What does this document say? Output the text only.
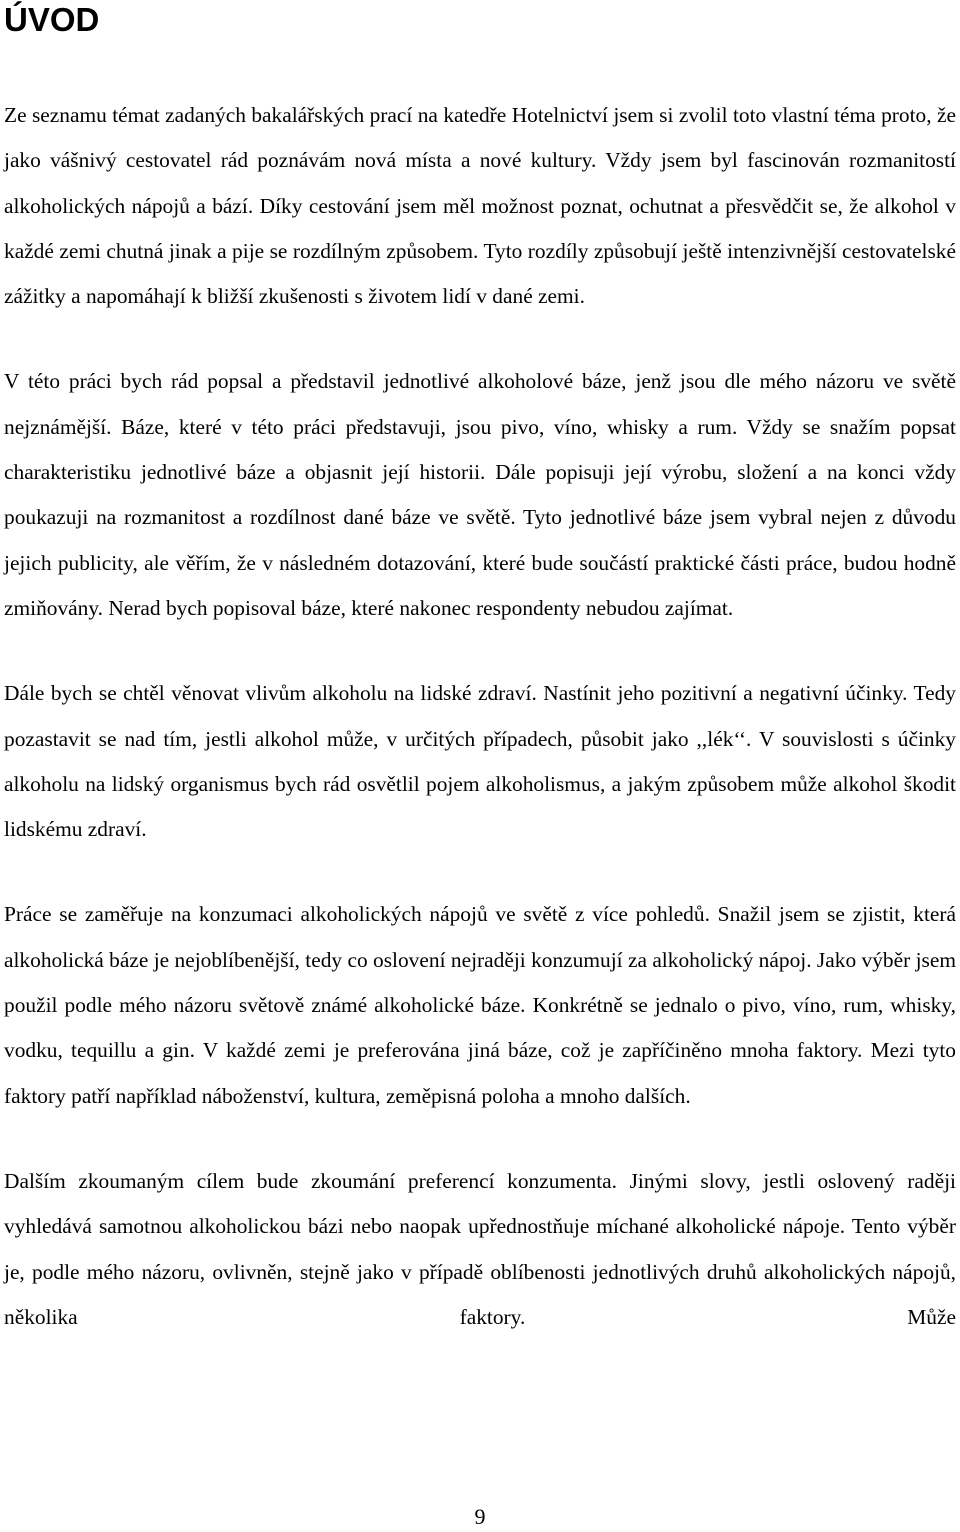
ÚVOD

Ze seznamu témat zadaných bakalářských prací na katedře Hotelnictví jsem si zvolil toto vlastní téma proto, že jako vášnivý cestovatel rád poznávám nová místa a nové kultury. Vždy jsem byl fascinován rozmanitostí alkoholických nápojů a bází. Díky cestování jsem měl možnost poznat, ochutnat a přesvědčit se, že alkohol v každé zemi chutná jinak a pije se rozdílným způsobem. Tyto rozdíly způsobují ještě intenzivnější cestovatelské zážitky a napomáhají k bližší zkušenosti s životem lidí v dané zemi.

V této práci bych rád popsal a představil jednotlivé alkoholové báze, jenž jsou dle mého názoru ve světě nejznámější. Báze, které v této práci představuji, jsou pivo, víno, whisky a rum. Vždy se snažím popsat charakteristiku jednotlivé báze a objasnit její historii. Dále popisuji její výrobu, složení a na konci vždy poukazuji na rozmanitost a rozdílnost dané báze ve světě. Tyto jednotlivé báze jsem vybral nejen z důvodu jejich publicity, ale věřím, že v následném dotazování, které bude součástí praktické části práce, budou hodně zmiňovány. Nerad bych popisoval báze, které nakonec respondenty nebudou zajímat.

Dále bych se chtěl věnovat vlivům alkoholu na lidské zdraví. Nastínit jeho pozitivní a negativní účinky. Tedy pozastavit se nad tím, jestli alkohol může, v určitých případech, působit jako ,,lék‘‘. V souvislosti s účinky alkoholu na lidský organismus bych rád osvětlil pojem alkoholismus, a jakým způsobem může alkohol škodit lidskému zdraví.

Práce se zaměřuje na konzumaci alkoholických nápojů ve světě z více pohledů. Snažil jsem se zjistit, která alkoholická báze je nejoblíbenější, tedy co oslovení nejraději konzumují za alkoholický nápoj. Jako výběr jsem použil podle mého názoru světově známé alkoholické báze. Konkrétně se jednalo o pivo, víno, rum, whisky, vodku, tequillu a gin. V každé zemi je preferována jiná báze, což je zapříčiněno mnoha faktory. Mezi tyto faktory patří například náboženství, kultura, zeměpisná poloha a mnoho dalších.

Dalším zkoumaným cílem bude zkoumání preferencí konzumenta. Jinými slovy, jestli oslovený raději vyhledává samotnou alkoholickou bázi nebo naopak upřednostňuje míchané alkoholické nápoje. Tento výběr je, podle mého názoru, ovlivněn, stejně jako v případě oblíbenosti jednotlivých druhů alkoholických nápojů, několika faktory. Může

9
